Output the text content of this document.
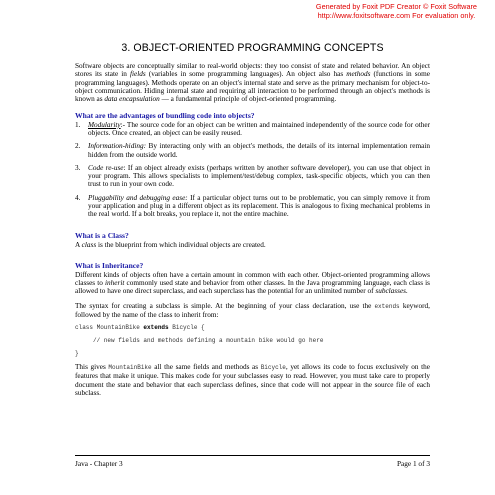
Generated by Foxit PDF Creator © Foxit Software
http://www.foxitsoftware.com For evaluation only.
3. OBJECT-ORIENTED PROGRAMMING CONCEPTS

Software objects are conceptually similar to real-world objects: they too consist of state and related behavior. An object stores its state in fields (variables in some programming languages). An object also has methods (functions in some programming languages). Methods operate on an object's internal state and serve as the primary mechanism for object-to-object communication. Hiding internal state and requiring all interaction to be performed through an object's methods is known as data encapsulation — a fundamental principle of object-oriented programming.

What are the advantages of bundling code into objects?
1. Modularity:- The source code for an object can be written and maintained independently of the source code for other objects. Once created, an object can be easily reused.
2. Information-hiding: By interacting only with an object's methods, the details of its internal implementation remain hidden from the outside world.
3. Code re-use: If an object already exists (perhaps written by another software developer), you can use that object in your program. This allows specialists to implement/test/debug complex, task-specific objects, which you can then trust to run in your own code.
4. Pluggability and debugging ease: If a particular object turns out to be problematic, you can simply remove it from your application and plug in a different object as its replacement. This is analogous to fixing mechanical problems in the real world. If a bolt breaks, you replace it, not the entire machine.
What is a Class?

A class is the blueprint from which individual objects are created.

What is Inheritance?

Different kinds of objects often have a certain amount in common with each other. Object-oriented programming allows classes to inherit commonly used state and behavior from other classes. In the Java programming language, each class is allowed to have one direct superclass, and each superclass has the potential for an unlimited number of subclasses.

The syntax for creating a subclass is simple. At the beginning of your class declaration, use the extends keyword, followed by the name of the class to inherit from:

class MountainBike extends Bicycle {
// new fields and methods defining a mountain bike would go here
}

This gives MountainBike all the same fields and methods as Bicycle, yet allows its code to focus exclusively on the features that make it unique. This makes code for your subclasses easy to read. However, you must take care to properly document the state and behavior that each superclass defines, since that code will not appear in the source file of each subclass.

Java - Chapter 3	Page 1 of 3
